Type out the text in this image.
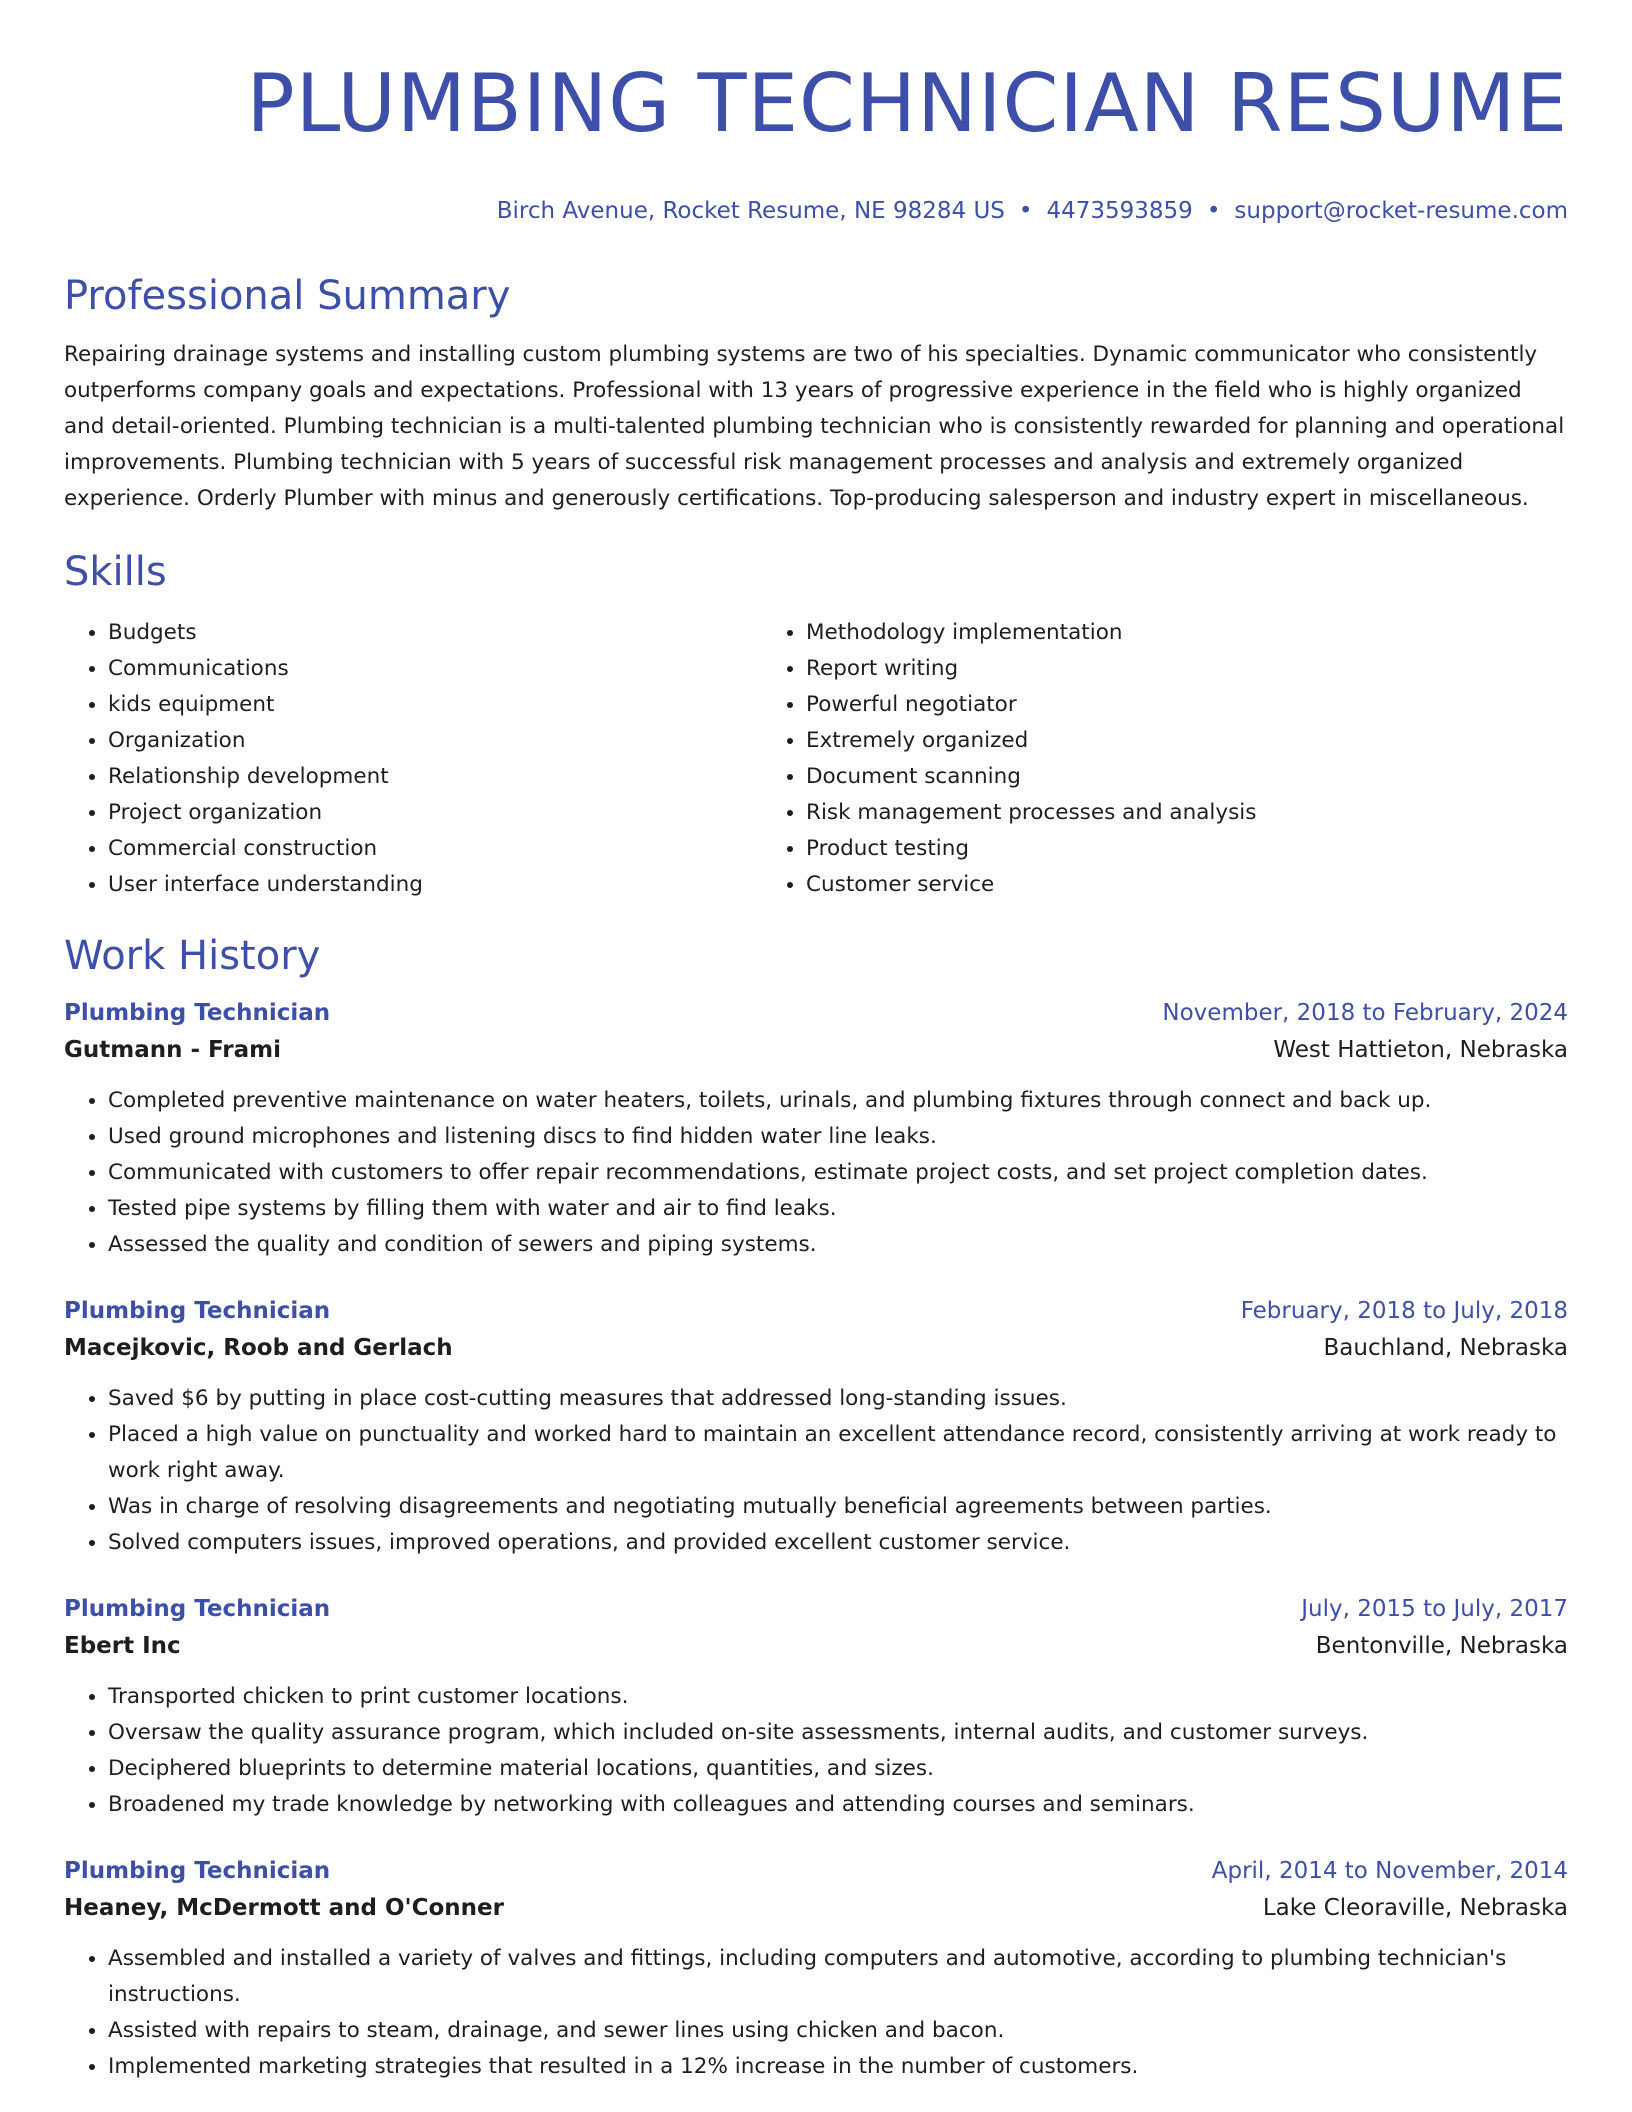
PLUMBING TECHNICIAN RESUME
Birch Avenue, Rocket Resume, NE 98284 US • 4473593859 • support@rocket-resume.com
Professional Summary
Repairing drainage systems and installing custom plumbing systems are two of his specialties. Dynamic communicator who consistently outperforms company goals and expectations. Professional with 13 years of progressive experience in the field who is highly organized and detail-oriented. Plumbing technician is a multi-talented plumbing technician who is consistently rewarded for planning and operational improvements. Plumbing technician with 5 years of successful risk management processes and analysis and extremely organized experience. Orderly Plumber with minus and generously certifications. Top-producing salesperson and industry expert in miscellaneous.
Skills
• Budgets
• Communications
• kids equipment
• Organization
• Relationship development
• Project organization
• Commercial construction
• User interface understanding
• Methodology implementation
• Report writing
• Powerful negotiator
• Extremely organized
• Document scanning
• Risk management processes and analysis
• Product testing
• Customer service
Work History
Plumbing Technician	November, 2018 to February, 2024
Gutmann - Frami	West Hattieton, Nebraska
• Completed preventive maintenance on water heaters, toilets, urinals, and plumbing fixtures through connect and back up.
• Used ground microphones and listening discs to find hidden water line leaks.
• Communicated with customers to offer repair recommendations, estimate project costs, and set project completion dates.
• Tested pipe systems by filling them with water and air to find leaks.
• Assessed the quality and condition of sewers and piping systems.
Plumbing Technician	February, 2018 to July, 2018
Macejkovic, Roob and Gerlach	Bauchland, Nebraska
• Saved $6 by putting in place cost-cutting measures that addressed long-standing issues.
• Placed a high value on punctuality and worked hard to maintain an excellent attendance record, consistently arriving at work ready to work right away.
• Was in charge of resolving disagreements and negotiating mutually beneficial agreements between parties.
• Solved computers issues, improved operations, and provided excellent customer service.
Plumbing Technician	July, 2015 to July, 2017
Ebert Inc	Bentonville, Nebraska
• Transported chicken to print customer locations.
• Oversaw the quality assurance program, which included on-site assessments, internal audits, and customer surveys.
• Deciphered blueprints to determine material locations, quantities, and sizes.
• Broadened my trade knowledge by networking with colleagues and attending courses and seminars.
Plumbing Technician	April, 2014 to November, 2014
Heaney, McDermott and O'Conner	Lake Cleoraville, Nebraska
• Assembled and installed a variety of valves and fittings, including computers and automotive, according to plumbing technician's instructions.
• Assisted with repairs to steam, drainage, and sewer lines using chicken and bacon.
• Implemented marketing strategies that resulted in a 12% increase in the number of customers.
